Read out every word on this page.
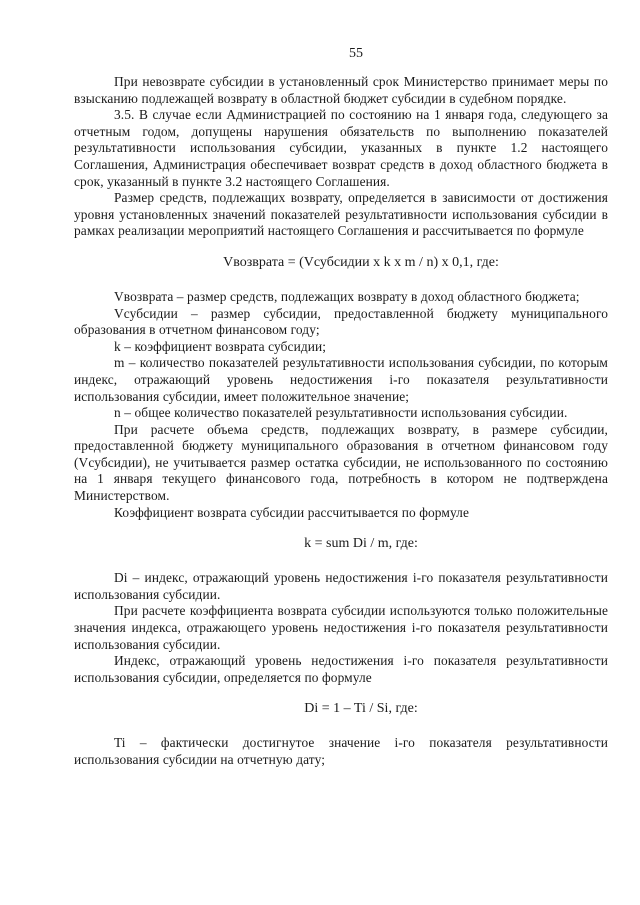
55

При невозврате субсидии в установленный срок Министерство принимает меры по взысканию подлежащей возврату в областной бюджет субсидии в судебном порядке.

3.5. В случае если Администрацией по состоянию на 1 января года, следующего за отчетным годом, допущены нарушения обязательств по выполнению показателей результативности использования субсидии, указанных в пункте 1.2 настоящего Соглашения, Администрация обеспечивает возврат средств в доход областного бюджета в срок, указанный в пункте 3.2 настоящего Соглашения.

Размер средств, подлежащих возврату, определяется в зависимости от достижения уровня установленных значений показателей результативности использования субсидии в рамках реализации мероприятий настоящего Соглашения и рассчитывается по формуле

Vвозврата = (Vсубсидии x k x m / n) x 0,1, где:

Vвозврата – размер средств, подлежащих возврату в доход областного бюджета;

Vсубсидии – размер субсидии, предоставленной бюджету муниципального образования в отчетном финансовом году;

k – коэффициент возврата субсидии;

m – количество показателей результативности использования субсидии, по которым индекс, отражающий уровень недостижения i-го показателя результативности использования субсидии, имеет положительное значение;

n – общее количество показателей результативности использования субсидии.

При расчете объема средств, подлежащих возврату, в размере субсидии, предоставленной бюджету муниципального образования в отчетном финансовом году (Vсубсидии), не учитывается размер остатка субсидии, не использованного по состоянию на 1 января текущего финансового года, потребность в котором не подтверждена Министерством.

Коэффициент возврата субсидии рассчитывается по формуле

k = sum Di / m, где:

Di – индекс, отражающий уровень недостижения i-го показателя результативности использования субсидии.

При расчете коэффициента возврата субсидии используются только положительные значения индекса, отражающего уровень недостижения i-го показателя результативности использования субсидии.

Индекс, отражающий уровень недостижения i-го показателя результативности использования субсидии, определяется по формуле

Di = 1 – Ti / Si, где:

Ti – фактически достигнутое значение i-го показателя результативности использования субсидии на отчетную дату;
